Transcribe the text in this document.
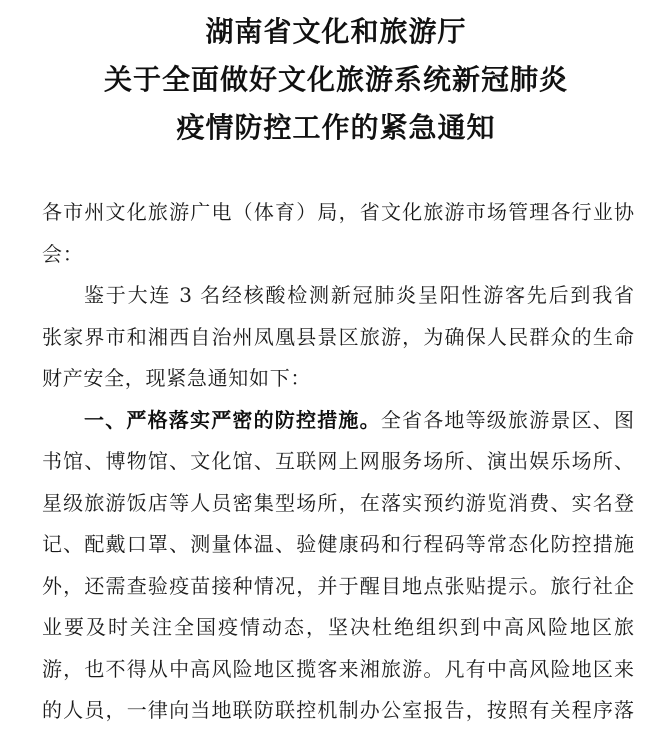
湖南省文化和旅游厅
关于全面做好文化旅游系统新冠肺炎
疫情防控工作的紧急通知
各市州文化旅游广电（体育）局，省文化旅游市场管理各行业协
会：
鉴于大连 3 名经核酸检测新冠肺炎呈阳性游客先后到我省
张家界市和湘西自治州凤凰县景区旅游，为确保人民群众的生命
财产安全，现紧急通知如下：
一、严格落实严密的防控措施。全省各地等级旅游景区、图
书馆、博物馆、文化馆、互联网上网服务场所、演出娱乐场所、
星级旅游饭店等人员密集型场所，在落实预约游览消费、实名登
记、配戴口罩、测量体温、验健康码和行程码等常态化防控措施
外，还需查验疫苗接种情况，并于醒目地点张贴提示。旅行社企
业要及时关注全国疫情动态，坚决杜绝组织到中高风险地区旅
游，也不得从中高风险地区揽客来湘旅游。凡有中高风险地区来
的人员，一律向当地联防联控机制办公室报告，按照有关程序落
